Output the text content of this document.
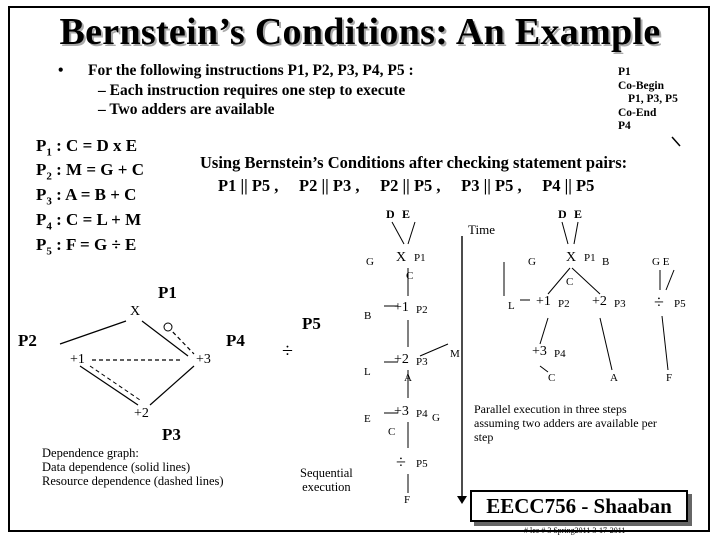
Bernstein’s Conditions: An Example
• For the following instructions P1, P2, P3, P4, P5 :
– Each instruction requires one step to execute
– Two adders are available
P1
Co-Begin
P1, P3, P5
Co-End
P4
$P_1$ : C = D x E
$P_2$ : M = G + C
$P_3$ : A = B + C
$P_4$ : C = L + M
$P_5$ : F = G ÷ E
Using Bernstein’s Conditions after checking statement pairs:
P1 || P5 ,     P2 || P3 ,     P2 || P5 ,     P3 || P5 ,     P4 || P5
P1
X
P2	P4
+1	+3
+2
P3
Dependence graph:
Data dependence (solid lines)
Resource dependence (dashed lines)
P5
÷
Sequential
execution
D E
G X P1
C
B
+1 P2
L
+2 P3
A
M
E +3 P4 G
C
÷ P5
F
Time
D E
G X P1 B	G E
C
L +1 P2 +2 P3 ÷ P5
+3 P4
C	A	F
Parallel execution in three steps assuming two adders are available per step
EECC756 - Shaaban
# lec # 3 Spring2011 3-17-2011
